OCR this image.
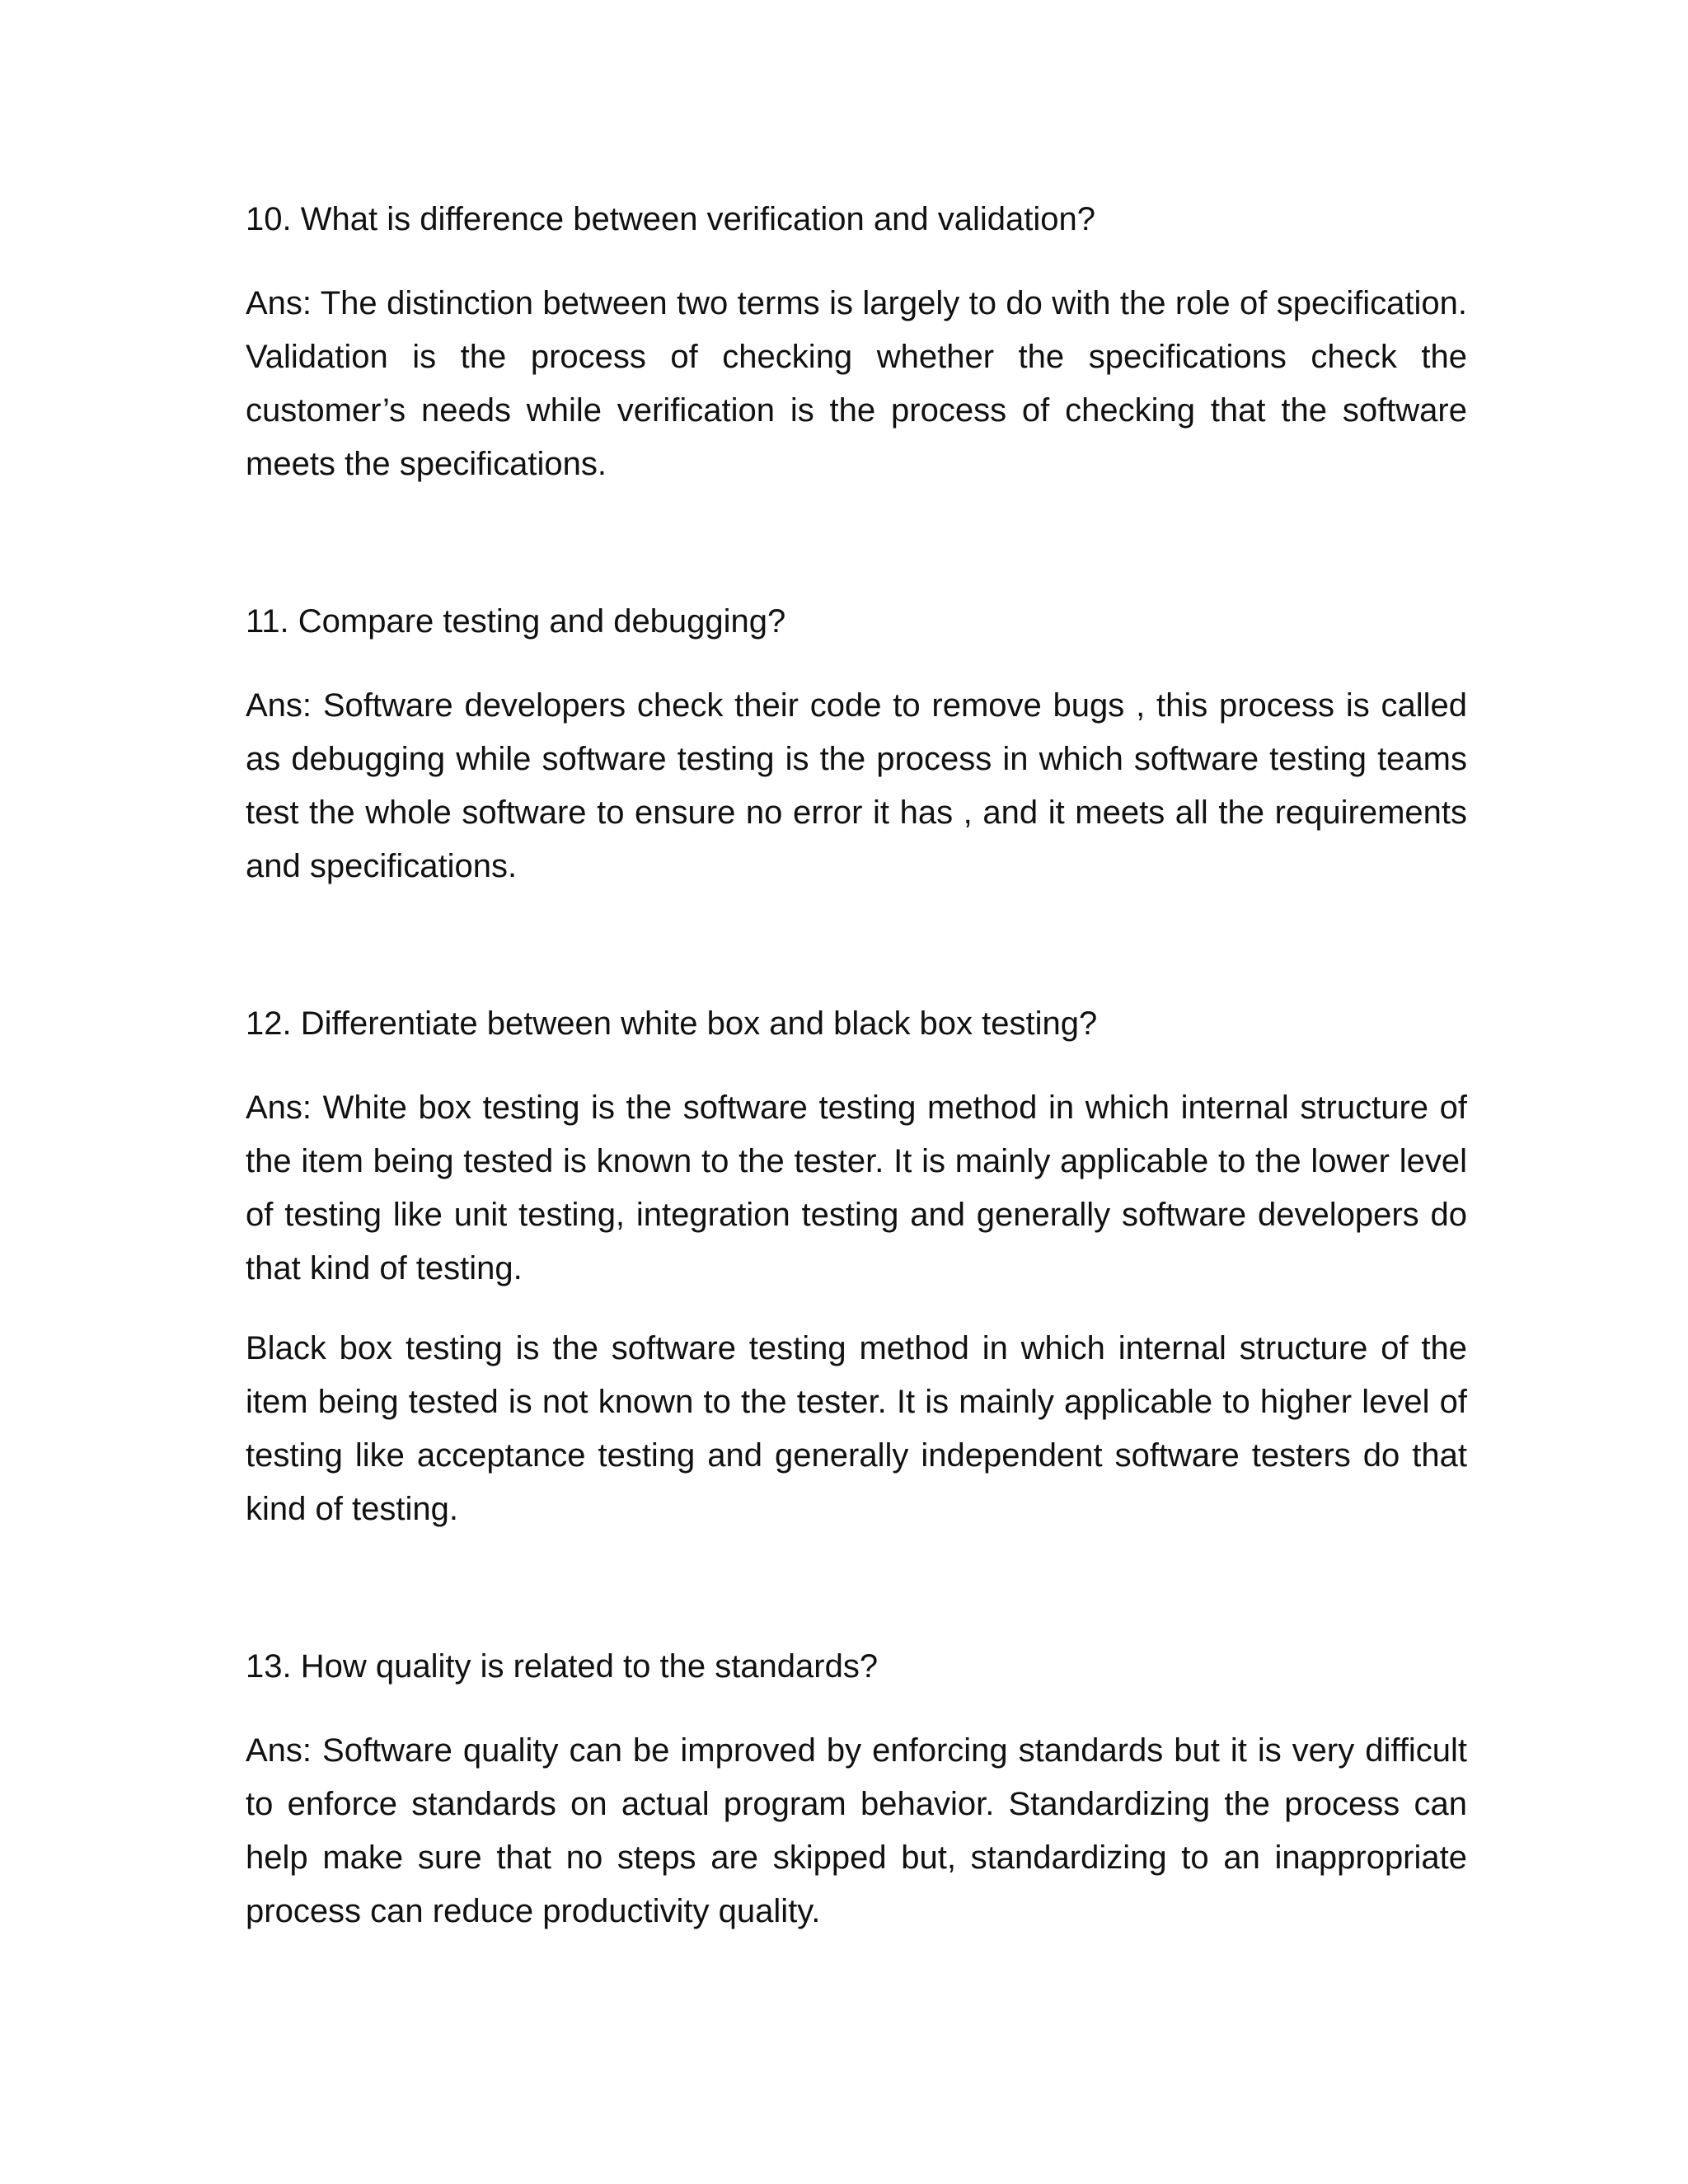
10. What is difference between verification and validation?

Ans: The distinction between two terms is largely to do with the role of specification. Validation is the process of checking whether the specifications check the customer’s needs while verification is the process of checking that the software meets the specifications.

11. Compare testing and debugging?

Ans: Software developers check their code to remove bugs , this process is called as debugging while software testing is the process in which software testing teams test the whole software to ensure no error it has , and it meets all the requirements and specifications.

12. Differentiate between white box and black box testing?

Ans: White box testing is the software testing method in which internal structure of the item being tested is known to the tester. It is mainly applicable to the lower level of testing like unit testing, integration testing and generally software developers do that kind of testing.

Black box testing is the software testing method in which internal structure of the item being tested is not known to the tester. It is mainly applicable to higher level of testing like acceptance testing and generally independent software testers do that kind of testing.

13. How quality is related to the standards?

Ans: Software quality can be improved by enforcing standards but it is very difficult to enforce standards on actual program behavior. Standardizing the process can help make sure that no steps are skipped but, standardizing to an inappropriate process can reduce productivity quality.
